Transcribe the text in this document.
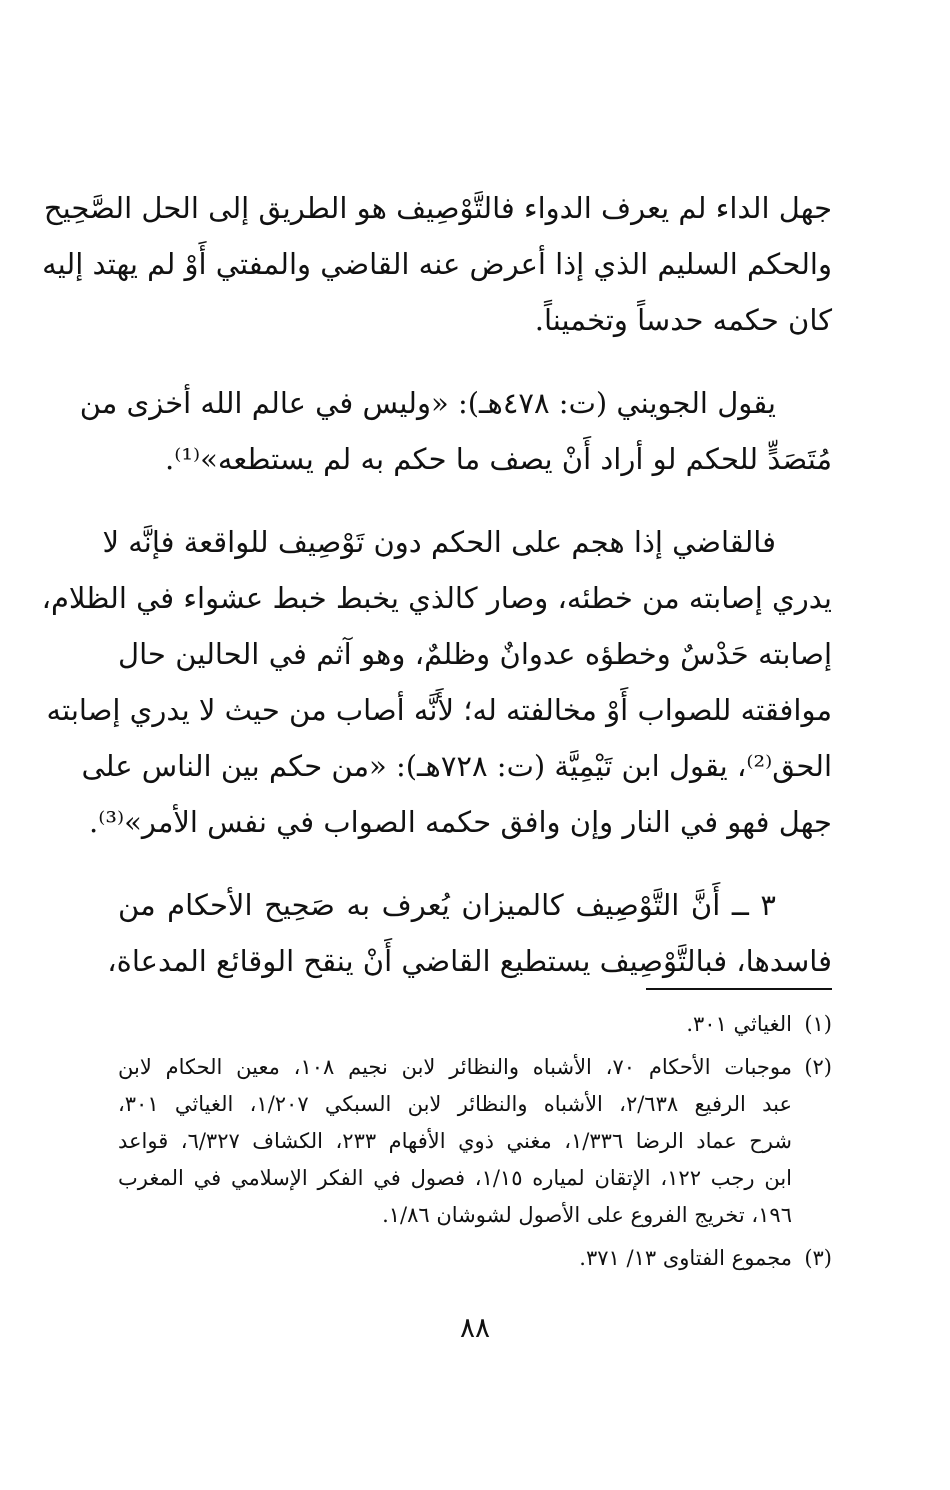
جهل الداء لم يعرف الدواء فالتَّوْصِيف هو الطريق إلى الحل الصَّحِيح
والحكم السليم الذي إذا أعرض عنه القاضي والمفتي أَوْ لم يهتد إليه
كان حكمه حدساً وتخميناً.

يقول الجويني (ت: ٤٧٨هـ): «وليس في عالم الله أخزى من
مُتَصَدٍّ للحكم لو أراد أَنْ يصف ما حكم به لم يستطعه»⁽¹⁾.

فالقاضي إذا هجم على الحكم دون تَوْصِيف للواقعة فإنَّه لا
يدري إصابته من خطئه، وصار كالذي يخبط خبط عشواء في الظلام،
إصابته حَدْسٌ وخطؤه عدوانٌ وظلمٌ، وهو آثم في الحالين حال
موافقته للصواب أَوْ مخالفته له؛ لأَنَّه أصاب من حيث لا يدري إصابته
الحق⁽²⁾، يقول ابن تَيْمِيَّة (ت: ٧٢٨هـ): «من حكم بين الناس على
جهل فهو في النار وإن وافق حكمه الصواب في نفس الأمر»⁽³⁾.

٣ ــ أَنَّ التَّوْصِيف كالميزان يُعرف به صَحِيح الأحكام من
فاسدها، فبالتَّوْصِيف يستطيع القاضي أَنْ ينقح الوقائع المدعاة،

(١)الغياثي ٣٠١.
(٢)موجبات الأحكام ٧٠، الأشباه والنظائر لابن نجيم ١٠٨، معين الحكام لابن
عبد الرفيع ٢/٦٣٨، الأشباه والنظائر لابن السبكي ١/٢٠٧، الغياثي ٣٠١،
شرح عماد الرضا ١/٣٣٦، مغني ذوي الأفهام ٢٣٣، الكشاف ٦/٣٢٧، قواعد
ابن رجب ١٢٢، الإتقان لمياره ١/١٥، فصول في الفكر الإسلامي في المغرب
١٩٦، تخريج الفروع على الأصول لشوشان ١/٨٦.
(٣)مجموع الفتاوى ١٣/ ٣٧١.
٨٨
